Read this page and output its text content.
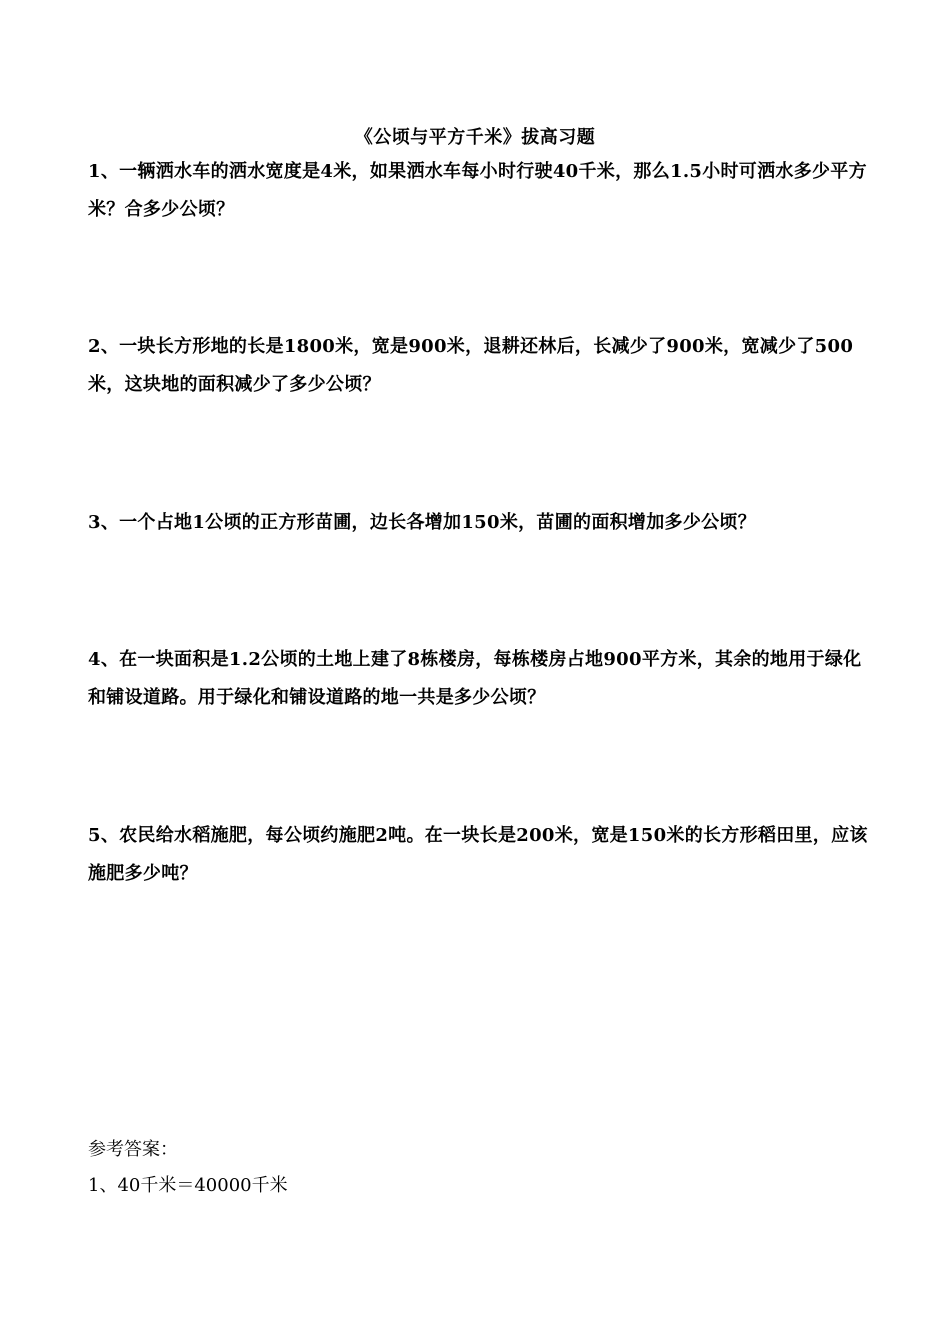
《公顷与平方千米》拔高习题
1、一辆洒水车的洒水宽度是4米，如果洒水车每小时行驶40千米，那么1.5小时可洒水多少平方米？合多少公顷？
2、一块长方形地的长是1800米，宽是900米，退耕还林后，长减少了900米，宽减少了500米，这块地的面积减少了多少公顷？
3、一个占地1公顷的正方形苗圃，边长各增加150米，苗圃的面积增加多少公顷？
4、在一块面积是1.2公顷的土地上建了8栋楼房，每栋楼房占地900平方米，其余的地用于绿化和铺设道路。用于绿化和铺设道路的地一共是多少公顷？
5、农民给水稻施肥，每公顷约施肥2吨。在一块长是200米，宽是150米的长方形稻田里，应该施肥多少吨？
参考答案：
1、40千米＝40000千米
